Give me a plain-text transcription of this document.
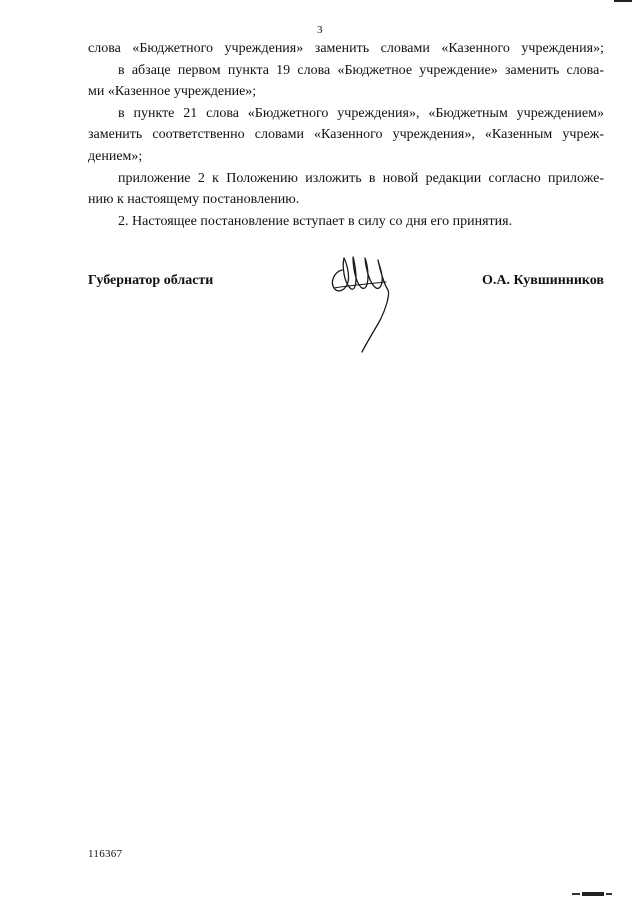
3
слова «Бюджетного учреждения» заменить словами «Казенного учреждения»;
в абзаце первом пункта 19 слова «Бюджетное учреждение» заменить слова-
ми «Казенное учреждение»;
в пункте 21 слова «Бюджетного учреждения», «Бюджетным учреждением»
заменить соответственно словами «Казенного учреждения», «Казенным учреж-
дением»;
приложение 2 к Положению изложить в новой редакции согласно приложе-
нию к настоящему постановлению.
2. Настоящее постановление вступает в силу со дня его принятия.
Губернатор области	О.А. Кувшинников
116367
